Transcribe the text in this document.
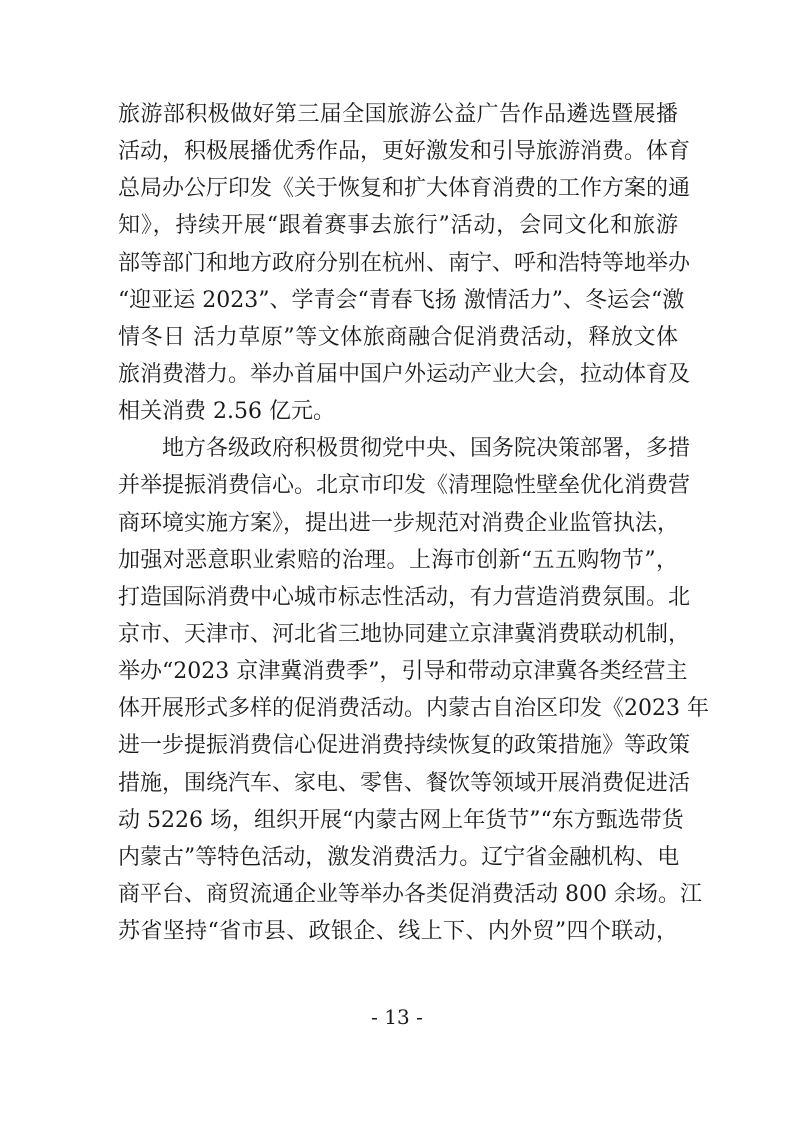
旅游部积极做好第三届全国旅游公益广告作品遴选暨展播
活动，积极展播优秀作品，更好激发和引导旅游消费。体育
总局办公厅印发《关于恢复和扩大体育消费的工作方案的通
知》，持续开展“跟着赛事去旅行”活动，会同文化和旅游
部等部门和地方政府分别在杭州、南宁、呼和浩特等地举办
“迎亚运 2023”、学青会“青春飞扬 激情活力”、冬运会“激
情冬日 活力草原”等文体旅商融合促消费活动，释放文体
旅消费潜力。举办首届中国户外运动产业大会，拉动体育及
相关消费 2.56 亿元。
地方各级政府积极贯彻党中央、国务院决策部署，多措
并举提振消费信心。北京市印发《清理隐性壁垒优化消费营
商环境实施方案》，提出进一步规范对消费企业监管执法，
加强对恶意职业索赔的治理。上海市创新“五五购物节”，
打造国际消费中心城市标志性活动，有力营造消费氛围。北
京市、天津市、河北省三地协同建立京津冀消费联动机制，
举办“2023 京津冀消费季”，引导和带动京津冀各类经营主
体开展形式多样的促消费活动。内蒙古自治区印发《2023 年
进一步提振消费信心促进消费持续恢复的政策措施》等政策
措施，围绕汽车、家电、零售、餐饮等领域开展消费促进活
动 5226 场，组织开展“内蒙古网上年货节”“东方甄选带货
内蒙古”等特色活动，激发消费活力。辽宁省金融机构、电
商平台、商贸流通企业等举办各类促消费活动 800 余场。江
苏省坚持“省市县、政银企、线上下、内外贸”四个联动，
- 13 -
